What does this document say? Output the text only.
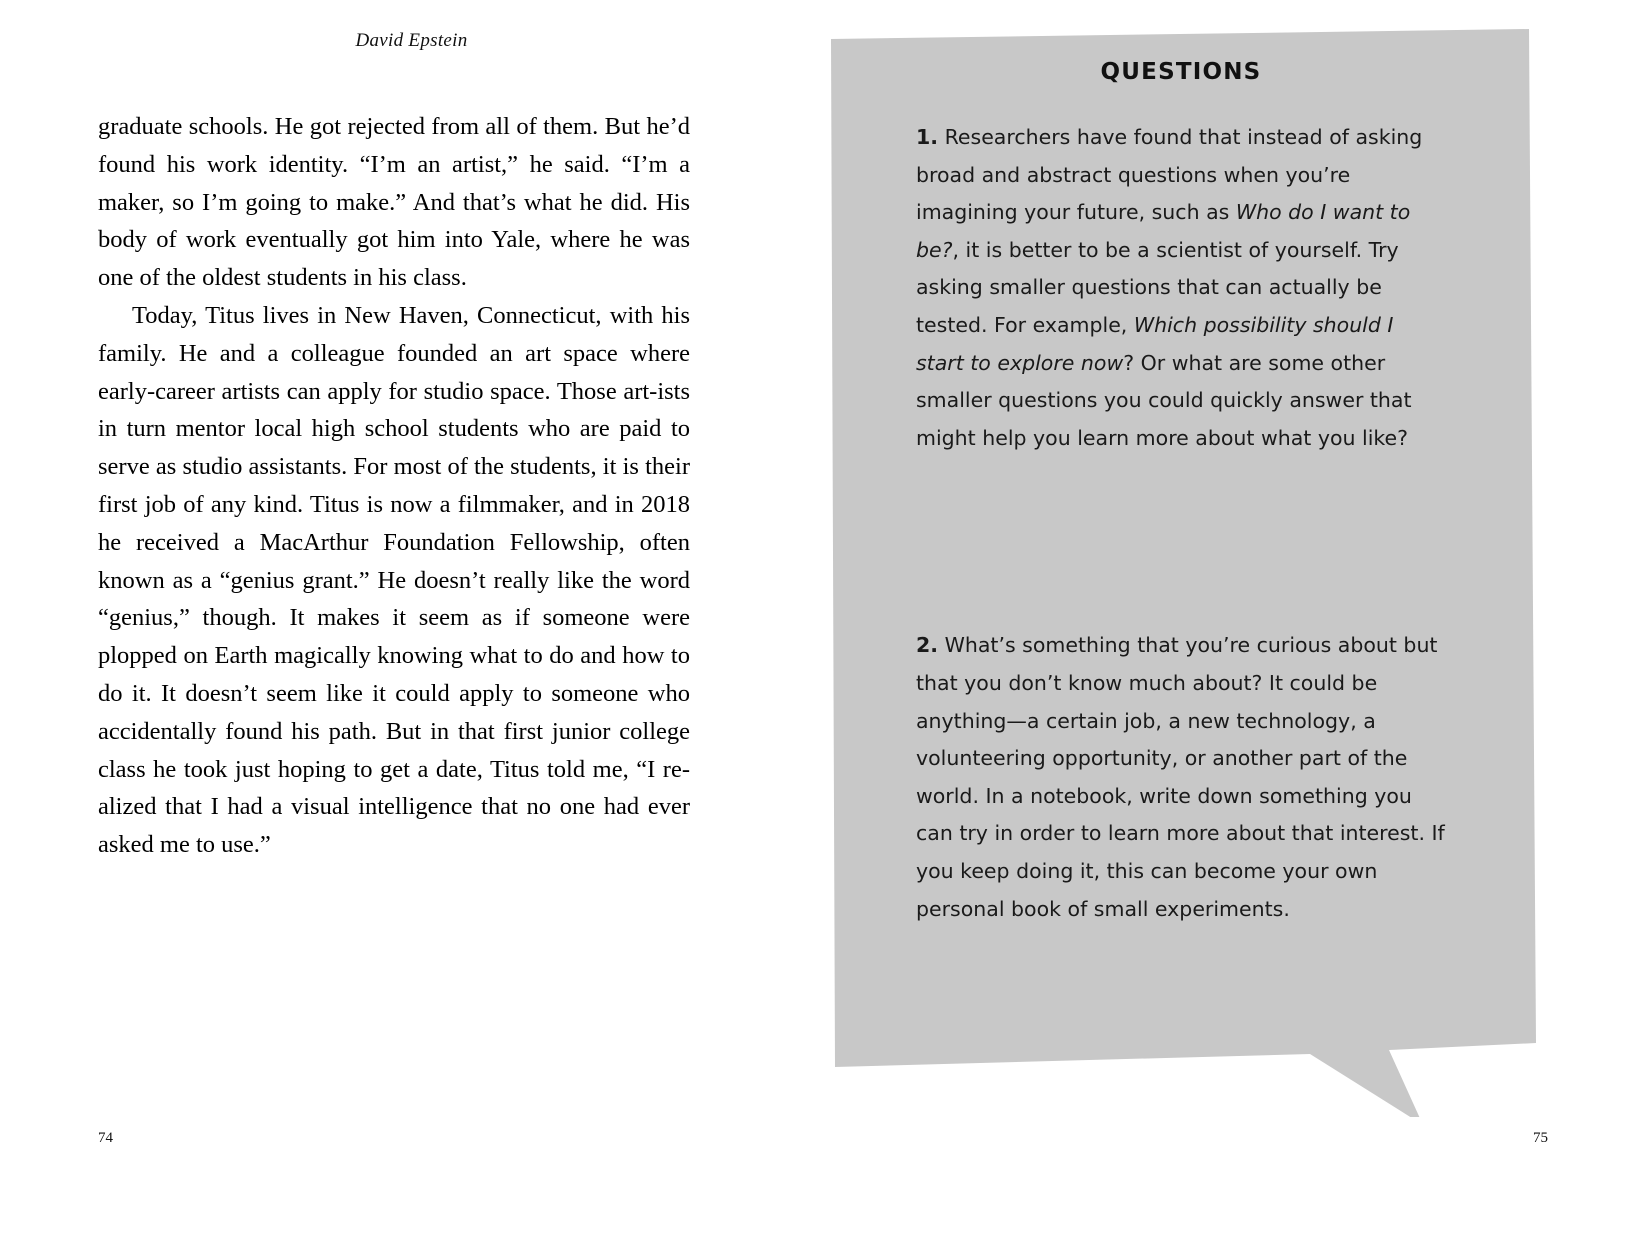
David Epstein

graduate schools. He got rejected from all of them. But he’d found his work identity. “I’m an artist,” he said. “I’m a maker, so I’m going to make.” And that’s what he did. His body of work eventually got him into Yale, where he was one of the oldest students in his class.

Today, Titus lives in New Haven, Connecticut, with his family. He and a colleague founded an art space where early-career artists can apply for studio space. Those art-ists in turn mentor local high school students who are paid to serve as studio assistants. For most of the students, it is their first job of any kind. Titus is now a filmmaker, and in 2018 he received a MacArthur Foundation Fellowship, often known as a “genius grant.” He doesn’t really like the word “genius,” though. It makes it seem as if someone were plopped on Earth magically knowing what to do and how to do it. It doesn’t seem like it could apply to someone who accidentally found his path. But in that first junior college class he took just hoping to get a date, Titus told me, “I re-alized that I had a visual intelligence that no one had ever asked me to use.”

74
QUESTIONS

1. Researchers have found that instead of asking broad and abstract questions when you’re imagining your future, such as Who do I want to be?, it is better to be a scientist of yourself. Try asking smaller questions that can actually be tested. For example, Which possibility should I start to explore now? Or what are some other smaller questions you could quickly answer that might help you learn more about what you like?

2. What’s something that you’re curious about but that you don’t know much about? It could be anything—a certain job, a new technology, a volunteering opportunity, or another part of the world. In a notebook, write down something you can try in order to learn more about that interest. If you keep doing it, this can become your own personal book of small experiments.

75
